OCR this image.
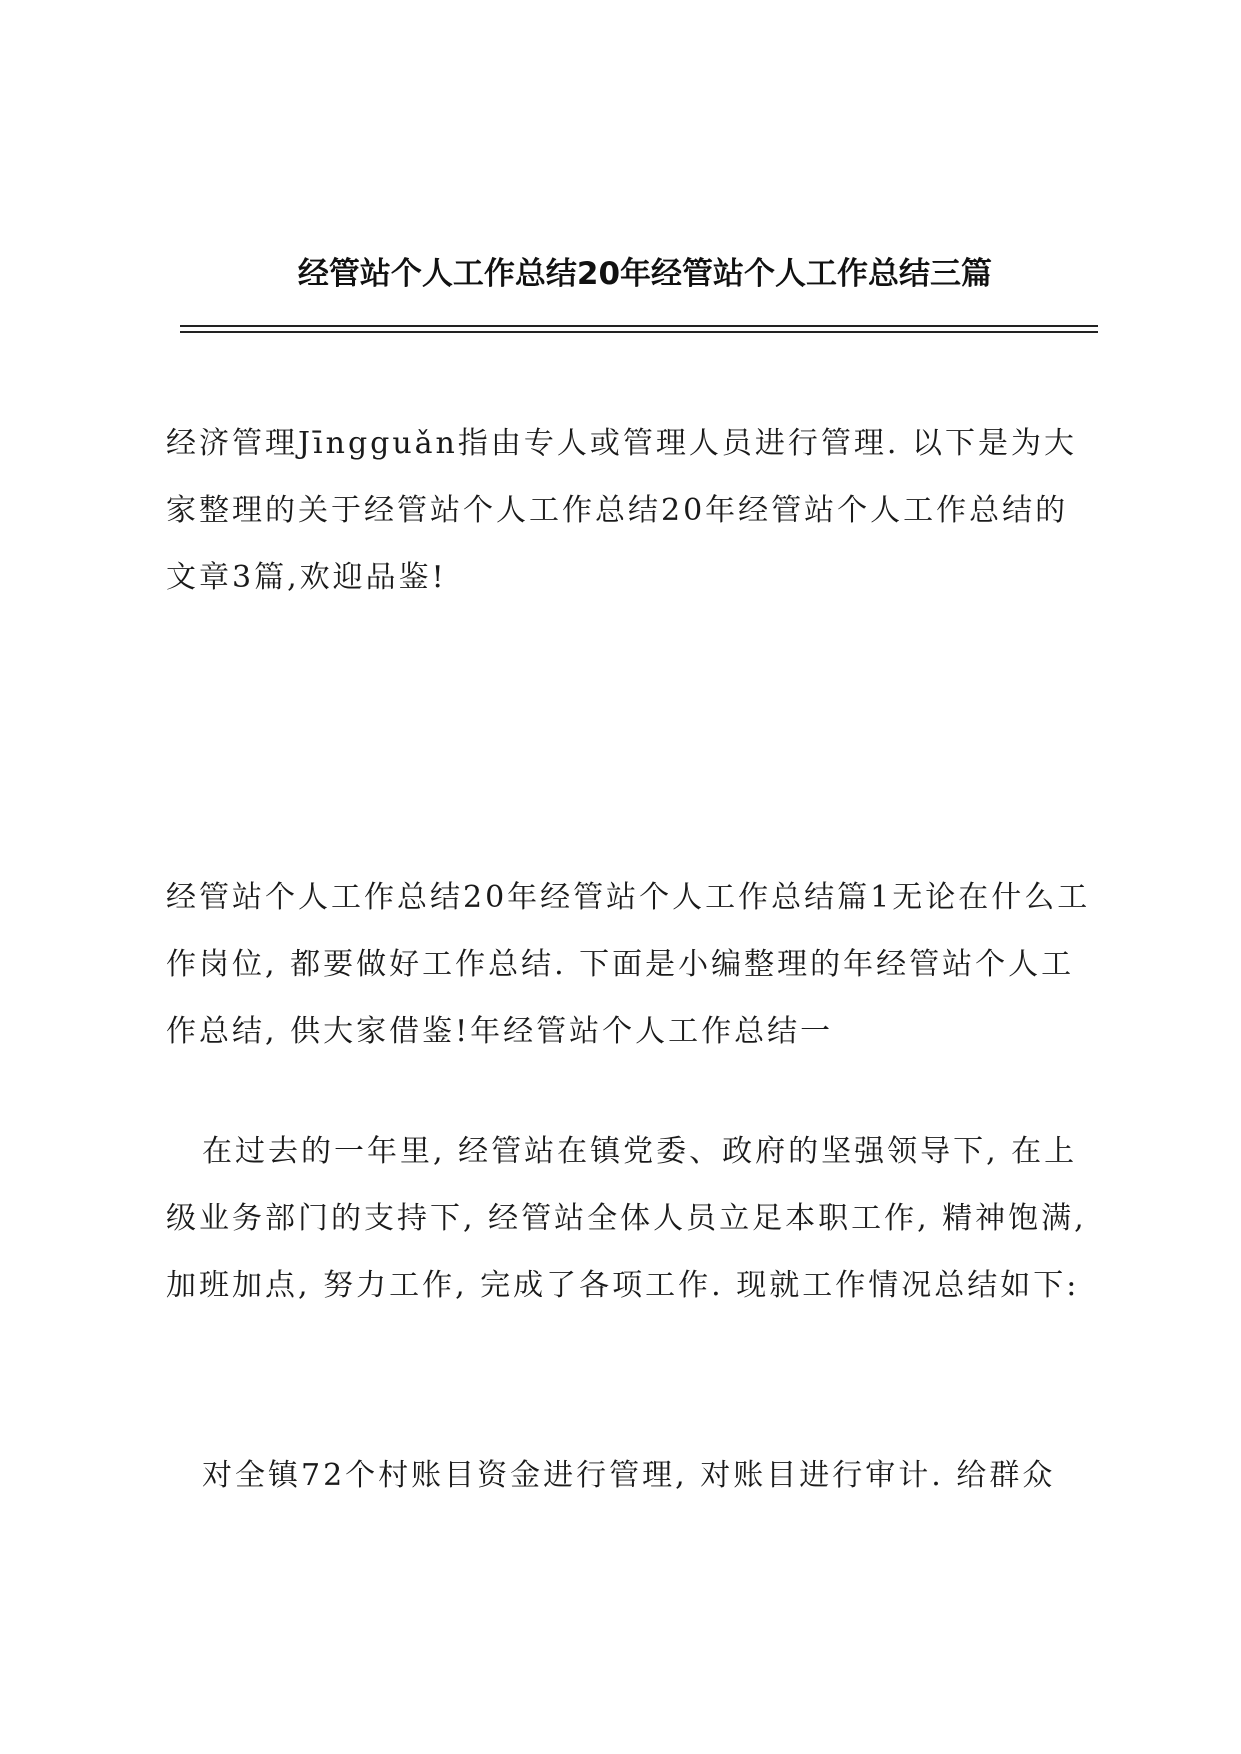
经管站个人工作总结20年经管站个人工作总结三篇

经济管理Jīngguǎn指由专人或管理人员进行管理. 以下是为大家整理的关于经管站个人工作总结20年经管站个人工作总结的文章3篇,欢迎品鉴!

经管站个人工作总结20年经管站个人工作总结篇1无论在什么工作岗位, 都要做好工作总结. 下面是小编整理的年经管站个人工作总结, 供大家借鉴!年经管站个人工作总结一

在过去的一年里, 经管站在镇党委、政府的坚强领导下, 在上级业务部门的支持下, 经管站全体人员立足本职工作, 精神饱满, 加班加点, 努力工作, 完成了各项工作. 现就工作情况总结如下:

对全镇72个村账目资金进行管理, 对账目进行审计. 给群众
